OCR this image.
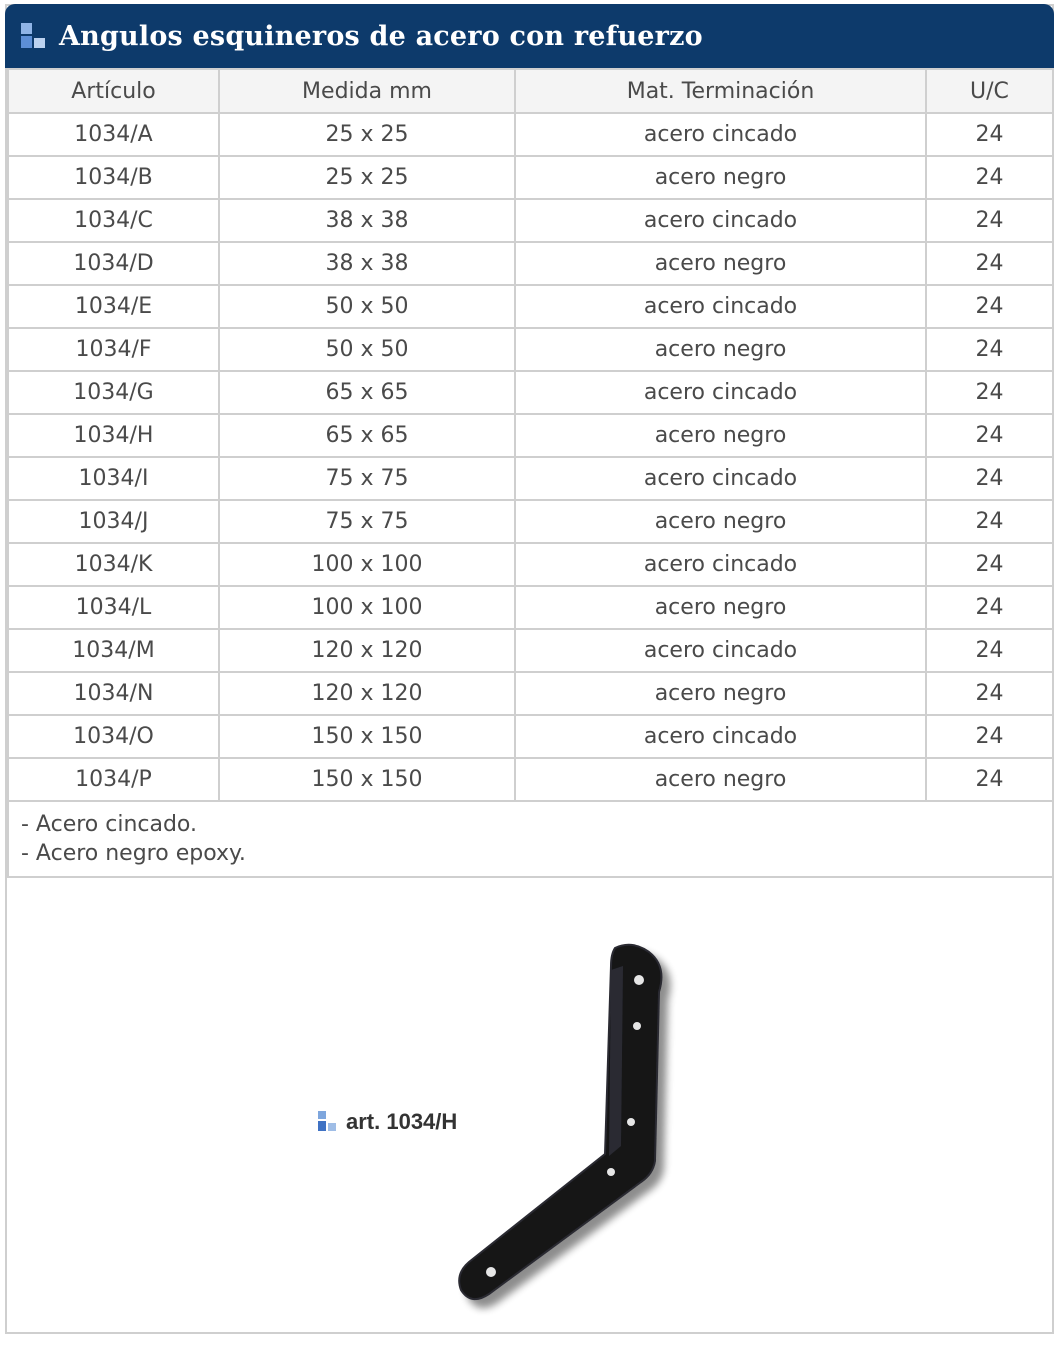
Angulos esquineros de acero con refuerzo
Artículo	Medida mm	Mat. Terminación	U/C
1034/A	25 x 25	acero cincado	24
1034/B	25 x 25	acero negro	24
1034/C	38 x 38	acero cincado	24
1034/D	38 x 38	acero negro	24
1034/E	50 x 50	acero cincado	24
1034/F	50 x 50	acero negro	24
1034/G	65 x 65	acero cincado	24
1034/H	65 x 65	acero negro	24
1034/I	75 x 75	acero cincado	24
1034/J	75 x 75	acero negro	24
1034/K	100 x 100	acero cincado	24
1034/L	100 x 100	acero negro	24
1034/M	120 x 120	acero cincado	24
1034/N	120 x 120	acero negro	24
1034/O	150 x 150	acero cincado	24
1034/P	150 x 150	acero negro	24

- Acero cincado.
- Acero negro epoxy.			
art. 1034/H
